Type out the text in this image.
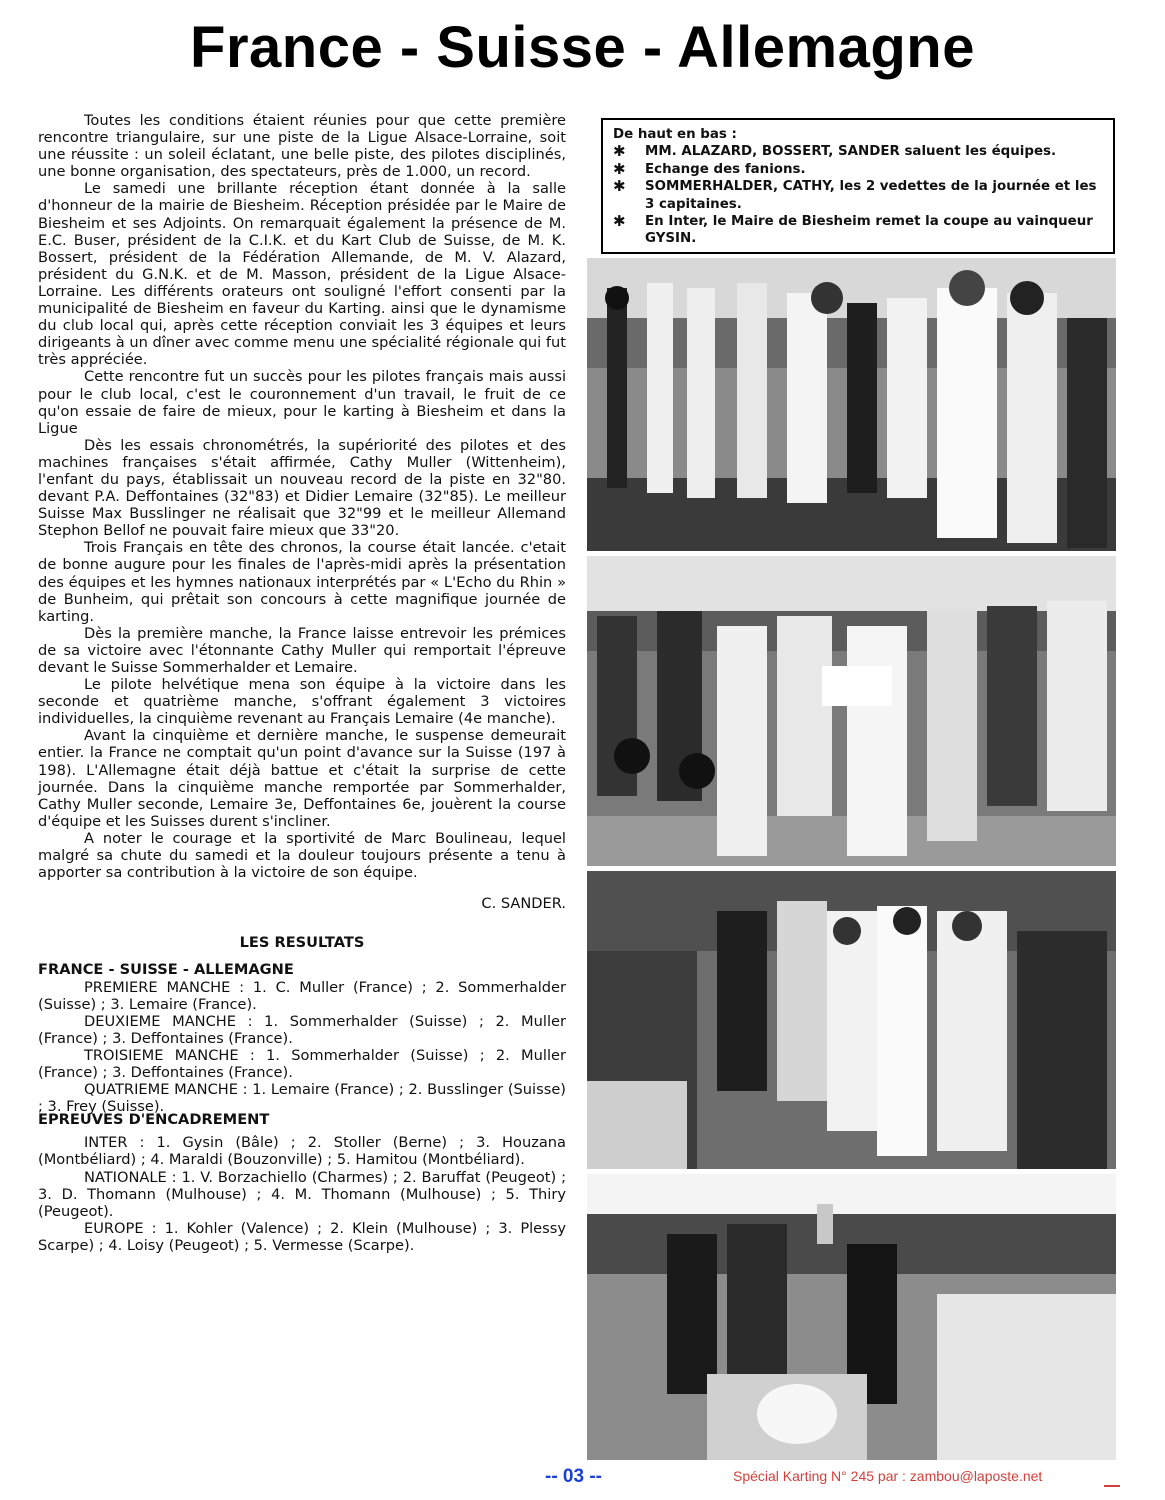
France - Suisse - Allemagne

Toutes les conditions étaient réunies pour que cette première rencontre triangulaire, sur une piste de la Ligue Alsace-Lorraine, soit une réussite : un soleil éclatant, une belle piste, des pilotes disciplinés, une bonne organisation, des spectateurs, près de 1.000, un record.

Le samedi une brillante réception étant donnée à la salle d'honneur de la mairie de Biesheim. Réception présidée par le Maire de Biesheim et ses Adjoints. On remarquait également la présence de M. E.C. Buser, président de la C.I.K. et du Kart Club de Suisse, de M. K. Bossert, président de la Fédération Allemande, de M. V. Alazard, président du G.N.K. et de M. Masson, président de la Ligue Alsace-Lorraine. Les différents orateurs ont souligné l'effort consenti par la municipalité de Biesheim en faveur du Karting. ainsi que le dynamisme du club local qui, après cette réception conviait les 3 équipes et leurs dirigeants à un dîner avec comme menu une spécialité régionale qui fut très appréciée.

Cette rencontre fut un succès pour les pilotes français mais aussi pour le club local, c'est le couronnement d'un travail, le fruit de ce qu'on essaie de faire de mieux, pour le karting à Biesheim et dans la Ligue

Dès les essais chronométrés, la supériorité des pilotes et des machines françaises s'était affirmée, Cathy Muller (Wittenheim), l'enfant du pays, établissait un nouveau record de la piste en 32"80. devant P.A. Deffontaines (32"83) et Didier Lemaire (32"85). Le meilleur Suisse Max Busslinger ne réalisait que 32"99 et le meilleur Allemand Stephon Bellof ne pouvait faire mieux que 33"20.

Trois Français en tête des chronos, la course était lancée. c'etait de bonne augure pour les finales de l'après-midi après la présentation des équipes et les hymnes nationaux interprétés par « L'Echo du Rhin » de Bunheim, qui prêtait son concours à cette magnifique journée de karting.

Dès la première manche, la France laisse entrevoir les prémices de sa victoire avec l'étonnante Cathy Muller qui remportait l'épreuve devant le Suisse Sommerhalder et Lemaire.

Le pilote helvétique mena son équipe à la victoire dans les seconde et quatrième manche, s'offrant également 3 victoires individuelles, la cinquième revenant au Français Lemaire (4e manche).

Avant la cinquième et dernière manche, le suspense demeurait entier. la France ne comptait qu'un point d'avance sur la Suisse (197 à 198). L'Allemagne était déjà battue et c'était la surprise de cette journée. Dans la cinquième manche remportée par Sommerhalder, Cathy Muller seconde, Lemaire 3e, Deffontaines 6e, jouèrent la course d'équipe et les Suisses durent s'incliner.

A noter le courage et la sportivité de Marc Boulineau, lequel malgré sa chute du samedi et la douleur toujours présente a tenu à apporter sa contribution à la victoire de son équipe.

C. SANDER.
LES RESULTATS
FRANCE - SUISSE - ALLEMAGNE

PREMIERE MANCHE : 1. C. Muller (France) ; 2. Sommerhalder (Suisse) ; 3. Lemaire (France).

DEUXIEME MANCHE : 1. Sommerhalder (Suisse) ; 2. Muller (France) ; 3. Deffontaines (France).

TROISIEME MANCHE : 1. Sommerhalder (Suisse) ; 2. Muller (France) ; 3. Deffontaines (France).

QUATRIEME MANCHE : 1. Lemaire (France) ; 2. Busslinger (Suisse) ; 3. Frey (Suisse).

EPREUVES D'ENCADREMENT

INTER : 1. Gysin (Bâle) ; 2. Stoller (Berne) ; 3. Houzana (Montbéliard) ; 4. Maraldi (Bouzonville) ; 5. Hamitou (Montbéliard).

NATIONALE : 1. V. Borzachiello (Charmes) ; 2. Baruffat (Peugeot) ; 3. D. Thomann (Mulhouse) ; 4. M. Thomann (Mulhouse) ; 5. Thiry (Peugeot).

EUROPE : 1. Kohler (Valence) ; 2. Klein (Mulhouse) ; 3. Plessy Scarpe) ; 4. Loisy (Peugeot) ; 5. Vermesse (Scarpe).

De haut en bas :

✱	MM. ALAZARD, BOSSERT, SANDER saluent les équipes.
✱	Echange des fanions.
✱	SOMMERHALDER, CATHY, les 2 vedettes de la journée et les 3 capitaines.
✱	En Inter, le Maire de Biesheim remet la coupe au vainqueur GYSIN.
-- 03 --	Spécial Karting N° 245 par : zambou@laposte.net
